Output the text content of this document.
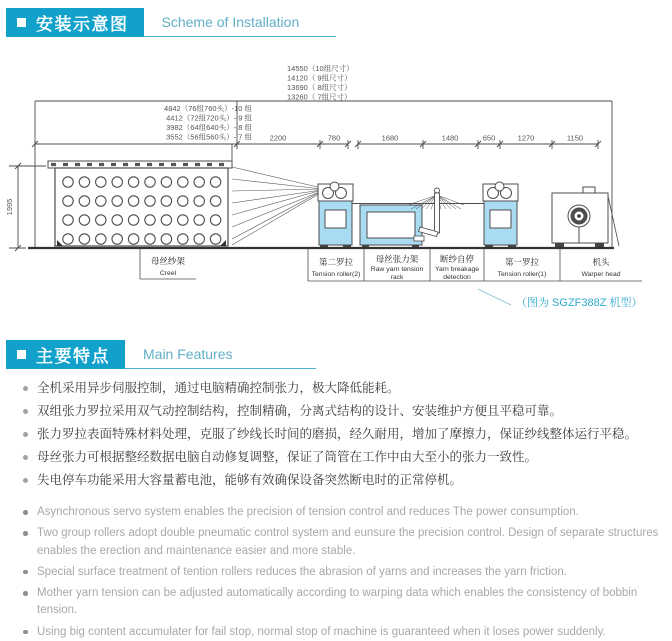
安装示意图	Scheme of Installation
14550（10组尺寸）
14120（ 9组尺寸）
13690（ 8组尺寸）
13260（ 7组尺寸）
4842（76组760头）-10 组
4412（72组720头）- 9 组
3982（64组640头）- 8 组
3552（56组560头）- 7 组 2200	780	1680	1480	650	1270	1150
1995
母丝纱架
Creel
第二罗拉
Tension roller(2)
母丝张力架
Raw yarn tension
rack
断纱自停
Yarn breakage
detection
第一罗拉
Tension roller(1)
机头
Warper head
（图为 SGZF388Z 机型）
主要特点	Main Features
全机采用异步伺服控制，通过电脑精确控制张力，极大降低能耗。
双组张力罗拉采用双气动控制结构，控制精确，分离式结构的设计、安装维护方便且平稳可靠。
张力罗拉表面特殊材料处理，克服了纱线长时间的磨损，经久耐用，增加了摩擦力，保证纱线整体运行平稳。
母丝张力可根据整经数据电脑自动修复调整，保证了筒管在工作中由大至小的张力一致性。
失电停车功能采用大容量蓄电池，能够有效确保设备突然断电时的正常停机。
Asynchronous servo system enables the precision of tension control and reduces The power consumption.
Two group rollers adopt double pneumatic control system and eunsure the precision control. Design of separate structures enables the erection and maintenance easier and more stable.
Special surface treatment of tention rollers reduces the abrasion of yarns and increases the yarn friction.
Mother yarn tension can be adjusted automatically according to warping data which enables the consistency of bobbin tension.
Using big content accumulater for fail stop, normal stop of machine is guaranteed when it loses power suddenly.
